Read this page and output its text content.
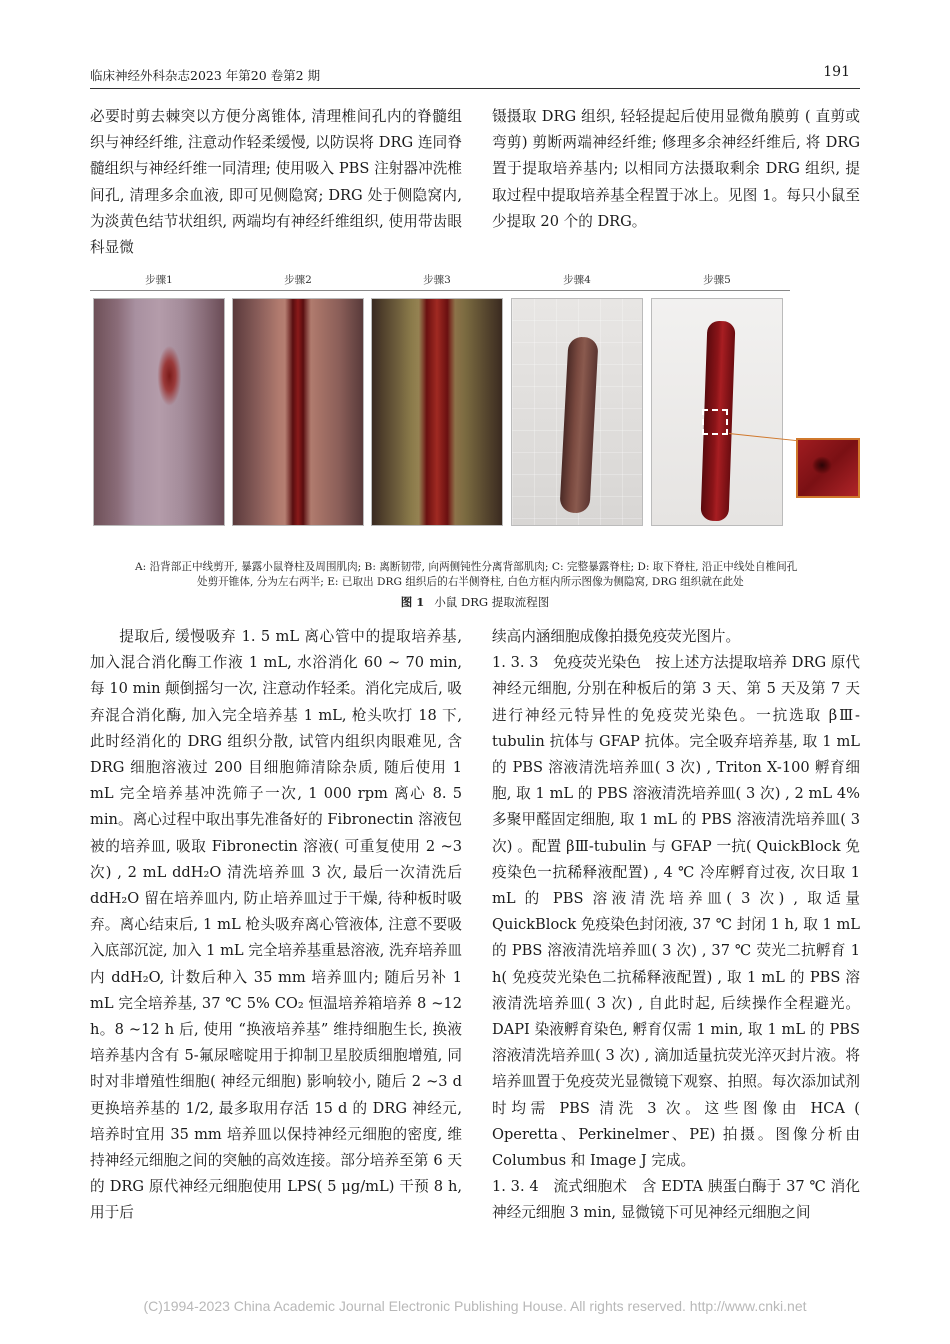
临床神经外科杂志2023 年第20 卷第2 期	191

必要时剪去棘突以方便分离锥体, 清理椎间孔内的脊髓组织与神经纤维, 注意动作轻柔缓慢, 以防误将 DRG 连同脊髓组织与神经纤维一同清理; 使用吸入 PBS 注射器冲洗椎间孔, 清理多余血液, 即可见侧隐窝; DRG 处于侧隐窝内, 为淡黄色结节状组织, 两端均有神经纤维组织, 使用带齿眼科显微

镊摄取 DRG 组织, 轻轻提起后使用显微角膜剪 ( 直剪或弯剪) 剪断两端神经纤维; 修理多余神经纤维后, 将 DRG 置于提取培养基内; 以相同方法摄取剩余 DRG 组织, 提取过程中提取培养基全程置于冰上。见图 1。每只小鼠至少提取 20 个的 DRG。

步骤1	步骤2	步骤3	步骤4	步骤5
A: 沿背部正中线剪开, 暴露小鼠脊柱及周围肌肉; B: 离断韧带, 向两侧钝性分离背部肌肉; C: 完整暴露脊柱; D: 取下脊柱, 沿正中线处自椎间孔
处剪开锥体, 分为左右两半; E: 已取出 DRG 组织后的右半侧脊柱, 白色方框内所示图像为侧隐窝, DRG 组织就在此处
图 1 小鼠 DRG 提取流程图

提取后, 缓慢吸弃 1. 5 mL 离心管中的提取培养基, 加入混合消化酶工作液 1 mL, 水浴消化 60 ~ 70 min, 每 10 min 颠倒摇匀一次, 注意动作轻柔。消化完成后, 吸弃混合消化酶, 加入完全培养基 1 mL, 枪头吹打 18 下, 此时经消化的 DRG 组织分散, 试管内组织肉眼难见, 含 DRG 细胞溶液过 200 目细胞筛清除杂质, 随后使用 1 mL 完全培养基冲洗筛子一次, 1 000 rpm 离心 8. 5 min。离心过程中取出事先准备好的 Fibronectin 溶液包被的培养皿, 吸取 Fibronectin 溶液( 可重复使用 2 ~3 次) , 2 mL ddH₂O 清洗培养皿 3 次, 最后一次清洗后 ddH₂O 留在培养皿内, 防止培养皿过于干燥, 待种板时吸弃。离心结束后, 1 mL 枪头吸弃离心管液体, 注意不要吸入底部沉淀, 加入 1 mL 完全培养基重悬溶液, 洗弃培养皿内 ddH₂O, 计数后种入 35 mm 培养皿内; 随后另补 1 mL 完全培养基, 37 ℃ 5% CO₂ 恒温培养箱培养 8 ~12 h。8 ~12 h 后, 使用 “换液培养基” 维持细胞生长, 换液培养基内含有 5-氟尿嘧啶用于抑制卫星胶质细胞增殖, 同时对非增殖性细胞( 神经元细胞) 影响较小, 随后 2 ~3 d 更换培养基的 1/2, 最多取用存活 15 d 的 DRG 神经元, 培养时宜用 35 mm 培养皿以保持神经元细胞的密度, 维持神经元细胞之间的突触的高效连接。部分培养至第 6 天的 DRG 原代神经元细胞使用 LPS( 5 μg/mL) 干预 8 h, 用于后

续高内涵细胞成像拍摄免疫荧光图片。

1. 3. 3　免疫荧光染色　按上述方法提取培养 DRG 原代神经元细胞, 分别在种板后的第 3 天、第 5 天及第 7 天进行神经元特异性的免疫荧光染色。一抗选取 βⅢ-tubulin 抗体与 GFAP 抗体。完全吸弃培养基, 取 1 mL 的 PBS 溶液清洗培养皿( 3 次) , Triton X-100 孵育细胞, 取 1 mL 的 PBS 溶液清洗培养皿( 3 次) , 2 mL 4% 多聚甲醛固定细胞, 取 1 mL 的 PBS 溶液清洗培养皿( 3 次) 。配置 βⅢ-tubulin 与 GFAP 一抗( QuickBlock 免疫染色一抗稀释液配置) , 4 ℃ 冷库孵育过夜, 次日取 1 mL 的 PBS 溶液清洗培养皿( 3 次) , 取适量 QuickBlock 免疫染色封闭液, 37 ℃ 封闭 1 h, 取 1 mL 的 PBS 溶液清洗培养皿( 3 次) , 37 ℃ 荧光二抗孵育 1 h( 免疫荧光染色二抗稀释液配置) , 取 1 mL 的 PBS 溶液清洗培养皿( 3 次) , 自此时起, 后续操作全程避光。DAPI 染液孵育染色, 孵育仅需 1 min, 取 1 mL 的 PBS 溶液清洗培养皿( 3 次) , 滴加适量抗荧光淬灭封片液。将培养皿置于免疫荧光显微镜下观察、拍照。每次添加试剂时均需 PBS 清洗 3 次。这些图像由 HCA ( Operetta、Perkinelmer、PE) 拍摄。图像分析由 Columbus 和 Image J 完成。

1. 3. 4　流式细胞术　含 EDTA 胰蛋白酶于 37 ℃ 消化神经元细胞 3 min, 显微镜下可见神经元细胞之间

(C)1994-2023 China Academic Journal Electronic Publishing House. All rights reserved. http://www.cnki.net
